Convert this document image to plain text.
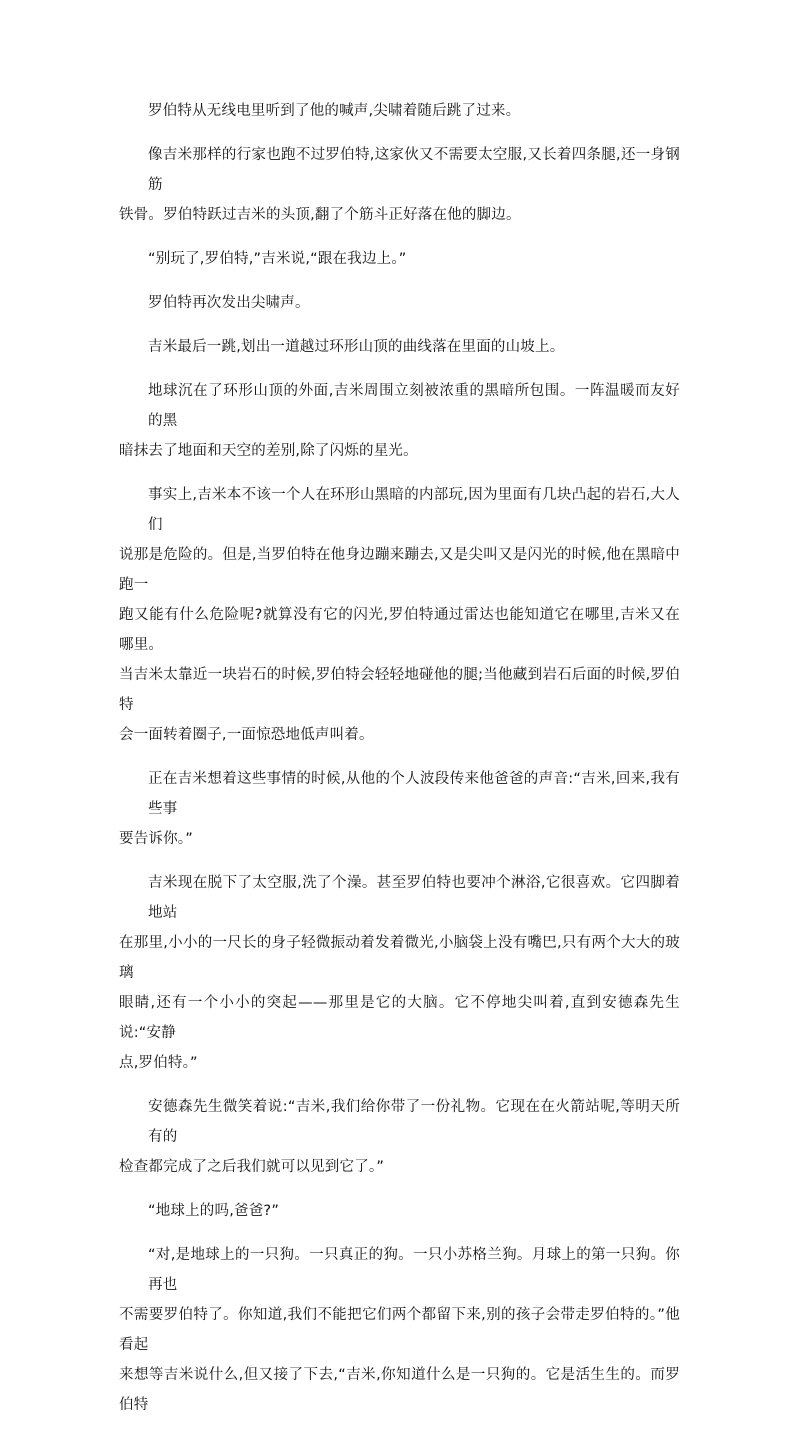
罗伯特从无线电里听到了他的喊声,尖啸着随后跳了过来。
像吉米那样的行家也跑不过罗伯特,这家伙又不需要太空服,又长着四条腿,还一身钢筋
铁骨。罗伯特跃过吉米的头顶,翻了个筋斗正好落在他的脚边。
“别玩了,罗伯特,”吉米说,“跟在我边上。”
罗伯特再次发出尖啸声。
吉米最后一跳,划出一道越过环形山顶的曲线落在里面的山坡上。
地球沉在了环形山顶的外面,吉米周围立刻被浓重的黑暗所包围。一阵温暖而友好的黑
暗抹去了地面和天空的差别,除了闪烁的星光。
事实上,吉米本不该一个人在环形山黑暗的内部玩,因为里面有几块凸起的岩石,大人们
说那是危险的。但是,当罗伯特在他身边蹦来蹦去,又是尖叫又是闪光的时候,他在黑暗中跑一
跑又能有什么危险呢?就算没有它的闪光,罗伯特通过雷达也能知道它在哪里,吉米又在哪里。
当吉米太靠近一块岩石的时候,罗伯特会轻轻地碰他的腿;当他藏到岩石后面的时候,罗伯特
会一面转着圈子,一面惊恐地低声叫着。
正在吉米想着这些事情的时候,从他的个人波段传来他爸爸的声音:“吉米,回来,我有些事
要告诉你。”
吉米现在脱下了太空服,洗了个澡。甚至罗伯特也要冲个淋浴,它很喜欢。它四脚着地站
在那里,小小的一尺长的身子轻微振动着发着微光,小脑袋上没有嘴巴,只有两个大大的玻璃
眼睛,还有一个小小的突起——那里是它的大脑。它不停地尖叫着,直到安德森先生说:“安静
点,罗伯特。”
安德森先生微笑着说:“吉米,我们给你带了一份礼物。它现在在火箭站呢,等明天所有的
检查都完成了之后我们就可以见到它了。”
“地球上的吗,爸爸?”
“对,是地球上的一只狗。一只真正的狗。一只小苏格兰狗。月球上的第一只狗。你再也
不需要罗伯特了。你知道,我们不能把它们两个都留下来,别的孩子会带走罗伯特的。”他看起
来想等吉米说什么,但又接了下去,“吉米,你知道什么是一只狗的。它是活生生的。而罗伯特
